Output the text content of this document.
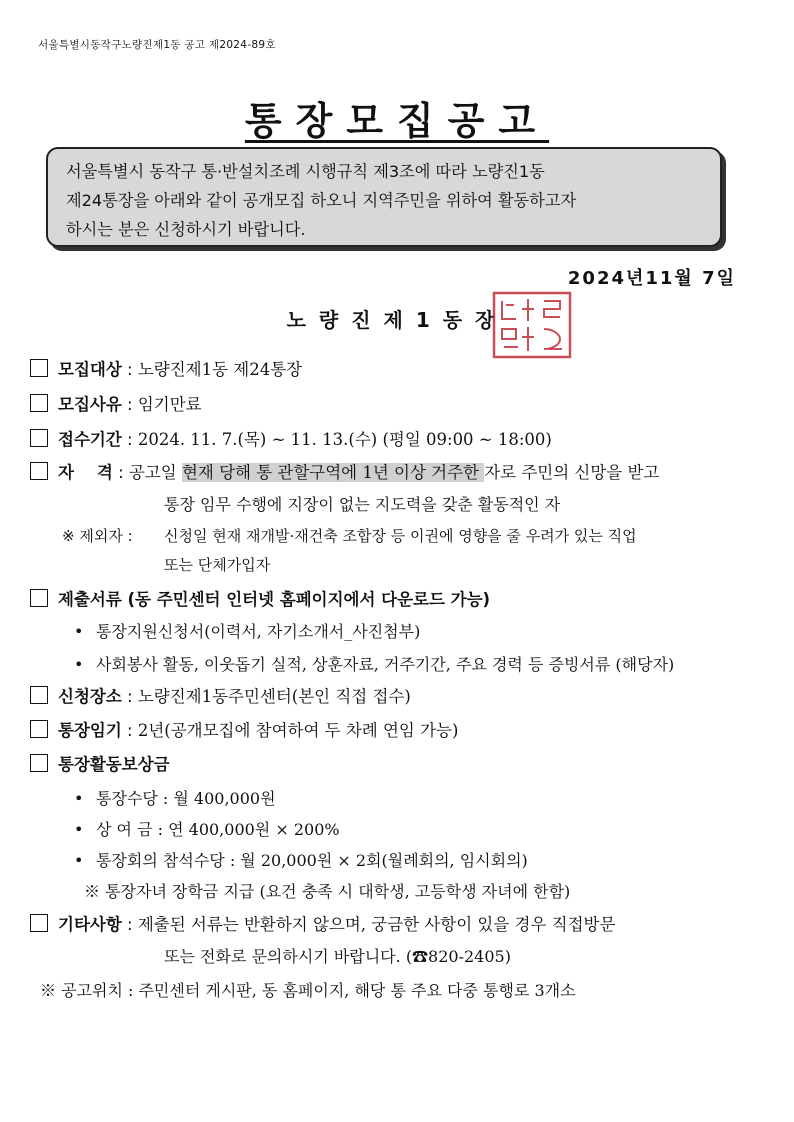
서울특별시동작구노량진제1동 공고 제2024-89호
통장모집공고

서울특별시 동작구 통·반설치조례 시행규칙 제3조에 따라 노량진1동

제24통장을 아래와 같이 공개모집 하오니 지역주민을 위하여 활동하고자

하시는 분은 신청하시기 바랍니다.

2024년11월 7일
노량진제1동장
모집대상 : 노량진제1동 제24통장
모집사유 : 임기만료
접수기간 : 2024. 11. 7.(목) ~ 11. 13.(수) (평일 09:00 ~ 18:00)
자    격 : 공고일 현재 당해 통 관할구역에 1년 이상 거주한 자로 주민의 신망을 받고
통장 임무 수행에 지장이 없는 지도력을 갖춘 활동적인 자
※ 제외자 : 신청일 현재 재개발·재건축 조합장 등 이권에 영향을 줄 우려가 있는 직업
또는 단체가입자
제출서류 (동 주민센터 인터넷 홈페이지에서 다운로드 가능)
• 통장지원신청서(이력서, 자기소개서_사진첨부)
• 사회봉사 활동, 이웃돕기 실적, 상훈자료, 거주기간, 주요 경력 등 증빙서류 (해당자)
신청장소 : 노량진제1동주민센터(본인 직접 접수)
통장임기 : 2년(공개모집에 참여하여 두 차례 연임 가능)
통장활동보상금
• 통장수당 : 월 400,000원
• 상 여 금 : 연 400,000원 × 200%
• 통장회의 참석수당 : 월 20,000원 × 2회(월례회의, 임시회의)
※ 통장자녀 장학금 지급 (요건 충족 시 대학생, 고등학생 자녀에 한함)
기타사항 : 제출된 서류는 반환하지 않으며, 궁금한 사항이 있을 경우 직접방문
또는 전화로 문의하시기 바랍니다. (☎820-2405)
※ 공고위치 : 주민센터 게시판, 동 홈페이지, 해당 통 주요 다중 통행로 3개소
